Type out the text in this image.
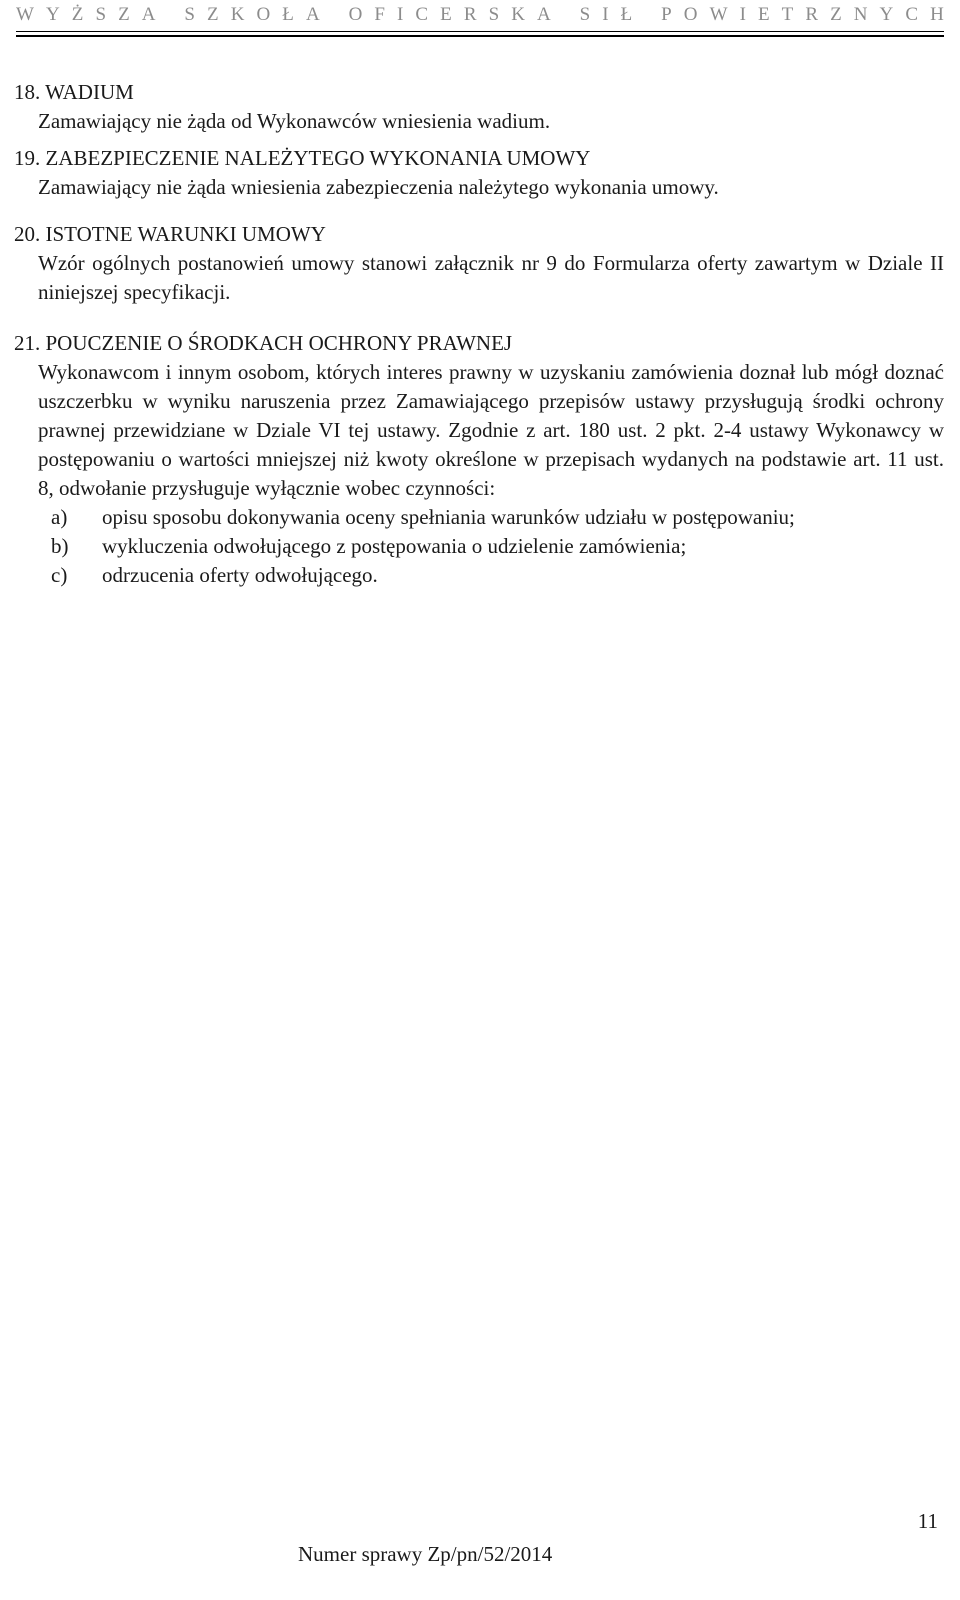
W Y Ż S Z A
S Z K O Ł A
O F I C E R S K A
S I Ł
P O W I E T R Z N Y C H
18. WADIUM
Zamawiający nie żąda od Wykonawców wniesienia wadium.
19. ZABEZPIECZENIE NALEŻYTEGO WYKONANIA UMOWY
Zamawiający nie żąda wniesienia zabezpieczenia należytego wykonania umowy.
20. ISTOTNE WARUNKI UMOWY
Wzór ogólnych postanowień umowy stanowi załącznik nr 9 do Formularza oferty zawartym w Dziale II niniejszej specyfikacji.
21. POUCZENIE O ŚRODKACH OCHRONY PRAWNEJ
Wykonawcom i innym osobom, których interes prawny w uzyskaniu zamówienia doznał lub mógł doznać uszczerbku w wyniku naruszenia przez Zamawiającego przepisów ustawy przysługują środki ochrony prawnej przewidziane w Dziale VI tej ustawy. Zgodnie z art. 180 ust. 2 pkt. 2-4 ustawy Wykonawcy w postępowaniu o wartości mniejszej niż kwoty określone w przepisach wydanych na podstawie art. 11 ust. 8, odwołanie przysługuje wyłącznie wobec czynności:
a)	opisu sposobu dokonywania oceny spełniania warunków udziału w postępowaniu;
b)	wykluczenia odwołującego z postępowania o udzielenie zamówienia;
c)	odrzucenia oferty odwołującego.
11
Numer sprawy Zp/pn/52/2014
